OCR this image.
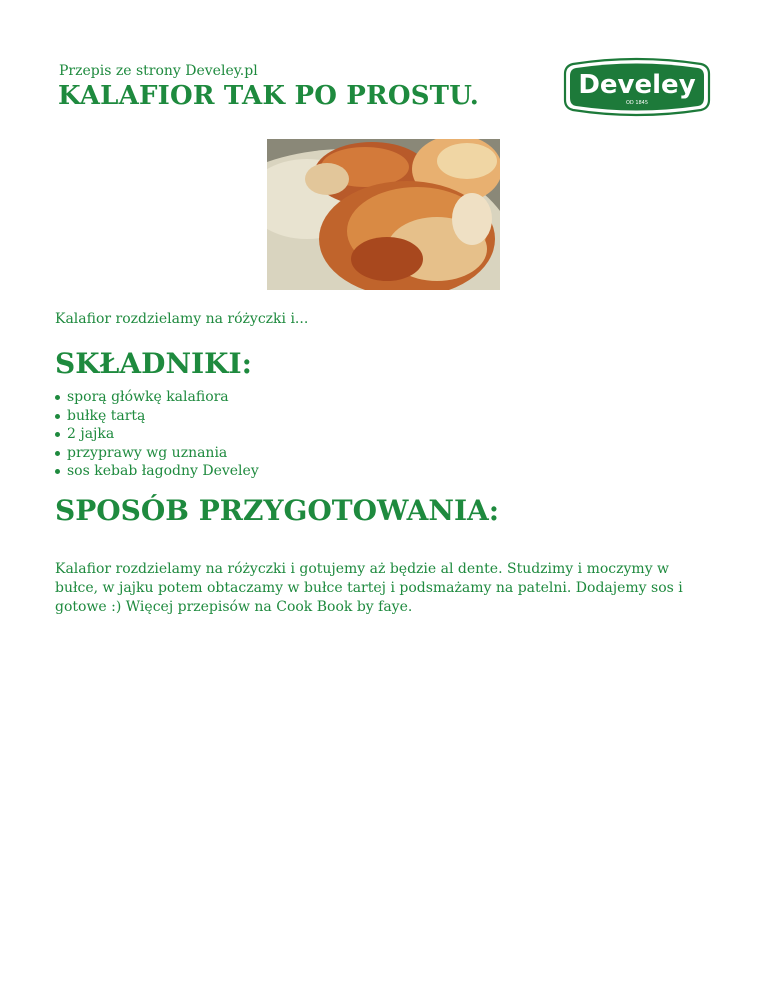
Przepis ze strony Develey.pl
KALAFIOR TAK PO PROSTU.	Develey
OD 1845
Kalafior rozdzielamy na różyczki i...
SKŁADNIKI:
sporą główkę kalafiora
bułkę tartą
2 jajka
przyprawy wg uznania
sos kebab łagodny Develey
SPOSÓB PRZYGOTOWANIA:

Kalafior rozdzielamy na różyczki i gotujemy aż będzie al dente. Studzimy i moczymy w bułce, w jajku potem obtaczamy w bułce tartej i podsmażamy na patelni. Dodajemy sos i gotowe :) Więcej przepisów na Cook Book by faye.
